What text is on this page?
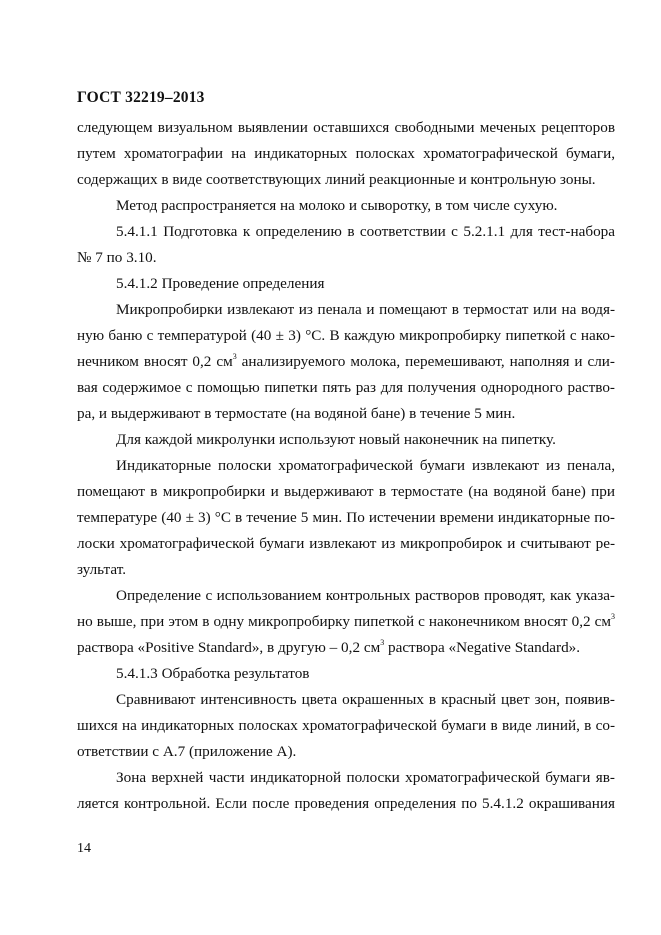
ГОСТ 32219–2013
следующем визуальном выявлении оставшихся свободными меченых рецепторов
путем хроматографии на индикаторных полосках хроматографической бумаги,
содержащих в виде соответствующих линий реакционные и контрольную зоны.
Метод распространяется на молоко и сыворотку, в том числе сухую.
5.4.1.1 Подготовка к определению в соответствии с 5.2.1.1 для тест-набора
№ 7 по 3.10.
5.4.1.2 Проведение определения
Микропробирки извлекают из пенала и помещают в термостат или на водя-
ную баню с температурой (40 ± 3) °С. В каждую микропробирку пипеткой с нако-
нечником вносят 0,2 $см^3$ анализируемого молока, перемешивают, наполняя и сли-
вая содержимое с помощью пипетки пять раз для получения однородного раство-
ра, и выдерживают в термостате (на водяной бане) в течение 5 мин.
Для каждой микролунки используют новый наконечник на пипетку.
Индикаторные полоски хроматографической бумаги извлекают из пенала,
помещают в микропробирки и выдерживают в термостате (на водяной бане) при
температуре (40 ± 3) °С в течение 5 мин. По истечении времени индикаторные по-
лоски хроматографической бумаги извлекают из микропробирок и считывают ре-
зультат.
Определение с использованием контрольных растворов проводят, как указа-
но выше, при этом в одну микропробирку пипеткой с наконечником вносят 0,2 $см^3$
раствора «Positive Standard», в другую – 0,2 $см^3$ раствора «Negative Standard».
5.4.1.3 Обработка результатов
Сравнивают интенсивность цвета окрашенных в красный цвет зон, появив-
шихся на индикаторных полосках хроматографической бумаги в виде линий, в со-
ответствии с А.7 (приложение А).
Зона верхней части индикаторной полоски хроматографической бумаги яв-
ляется контрольной. Если после проведения определения по 5.4.1.2 окрашивания
14
